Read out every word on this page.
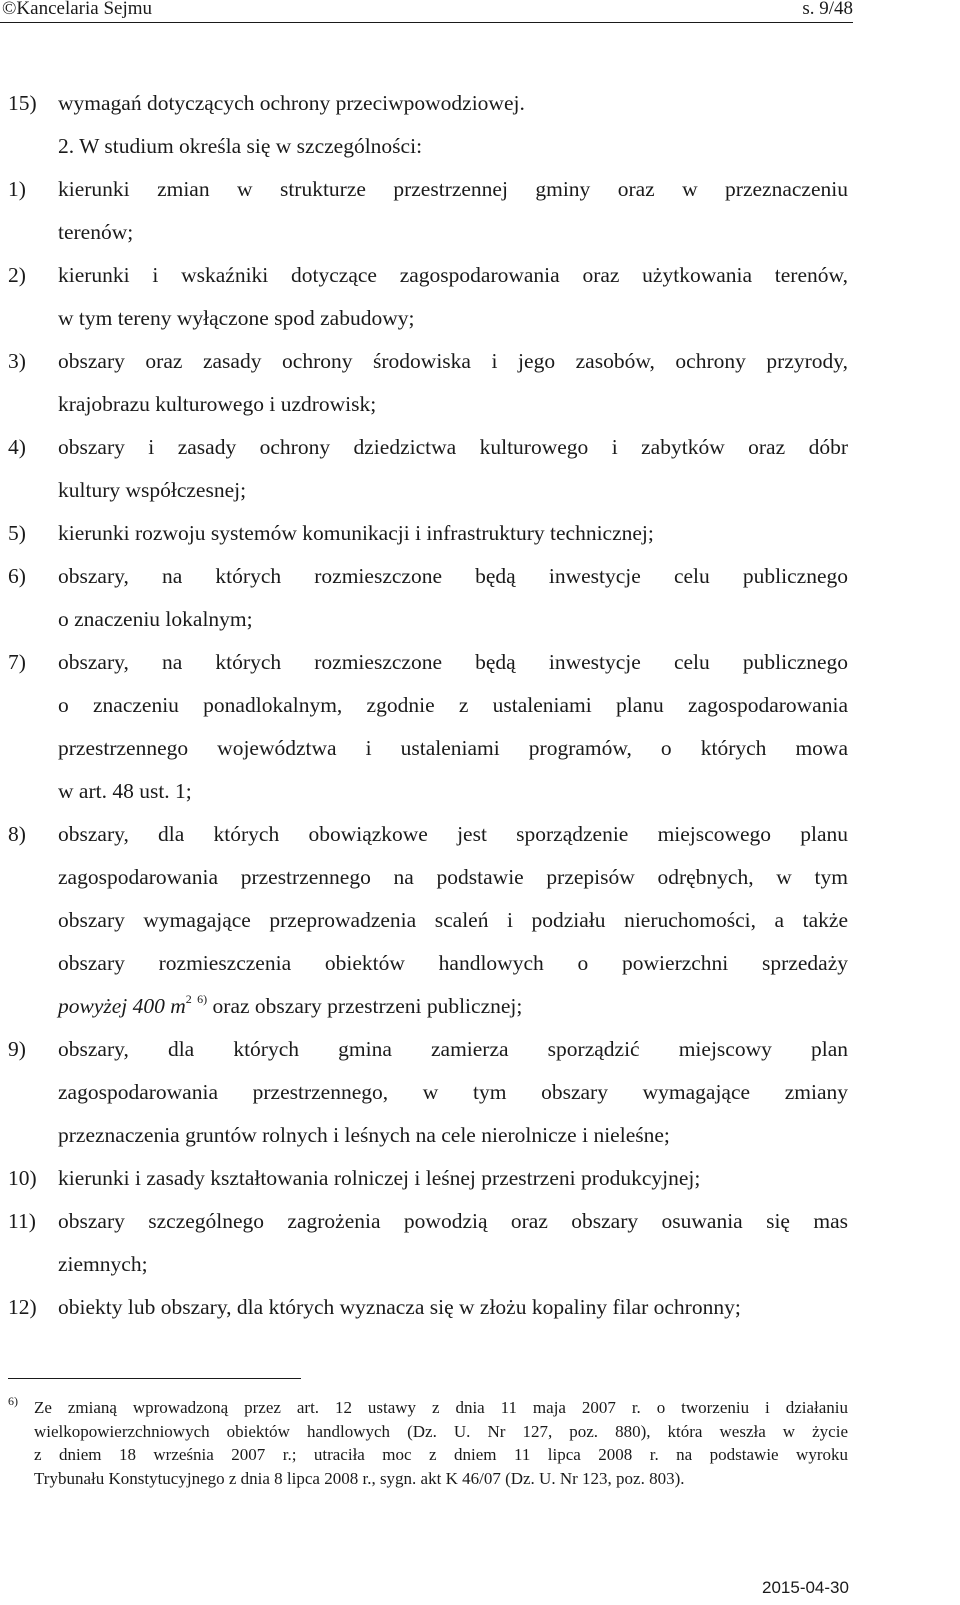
©Kancelaria Sejmu	s. 9/48
15) wymagań dotyczących ochrony przeciwpowodziowej.
2. W studium określa się w szczególności:
1) kierunki zmian w strukturze przestrzennej gminy oraz w przeznaczeniu
terenów;
2) kierunki i wskaźniki dotyczące zagospodarowania oraz użytkowania terenów,
w tym tereny wyłączone spod zabudowy;
3) obszary oraz zasady ochrony środowiska i jego zasobów, ochrony przyrody,
krajobrazu kulturowego i uzdrowisk;
4) obszary i zasady ochrony dziedzictwa kulturowego i zabytków oraz dóbr
kultury współczesnej;
5) kierunki rozwoju systemów komunikacji i infrastruktury technicznej;
6) obszary, na których rozmieszczone będą inwestycje celu publicznego
o znaczeniu lokalnym;
7) obszary, na których rozmieszczone będą inwestycje celu publicznego
o znaczeniu ponadlokalnym, zgodnie z ustaleniami planu zagospodarowania
przestrzennego województwa i ustaleniami programów, o których mowa
w art. 48 ust. 1;
8) obszary, dla których obowiązkowe jest sporządzenie miejscowego planu
zagospodarowania przestrzennego na podstawie przepisów odrębnych, w tym
obszary wymagające przeprowadzenia scaleń i podziału nieruchomości, a także
obszary rozmieszczenia obiektów handlowych o powierzchni sprzedaży
powyżej 400 $m^2$ $^{6)}$ oraz obszary przestrzeni publicznej;
9) obszary, dla których gmina zamierza sporządzić miejscowy plan
zagospodarowania przestrzennego, w tym obszary wymagające zmiany
przeznaczenia gruntów rolnych i leśnych na cele nierolnicze i nieleśne;
10) kierunki i zasady kształtowania rolniczej i leśnej przestrzeni produkcyjnej;
11) obszary szczególnego zagrożenia powodzią oraz obszary osuwania się mas
ziemnych;
12) obiekty lub obszary, dla których wyznacza się w złożu kopaliny filar ochronny;
6) Ze zmianą wprowadzoną przez art. 12 ustawy z dnia 11 maja 2007 r. o tworzeniu i działaniu
wielkopowierzchniowych obiektów handlowych (Dz. U. Nr 127, poz. 880), która weszła w życie
z dniem 18 września 2007 r.; utraciła moc z dniem 11 lipca 2008 r. na podstawie wyroku
Trybunału Konstytucyjnego z dnia 8 lipca 2008 r., sygn. akt K 46/07 (Dz. U. Nr 123, poz. 803).
2015-04-30
